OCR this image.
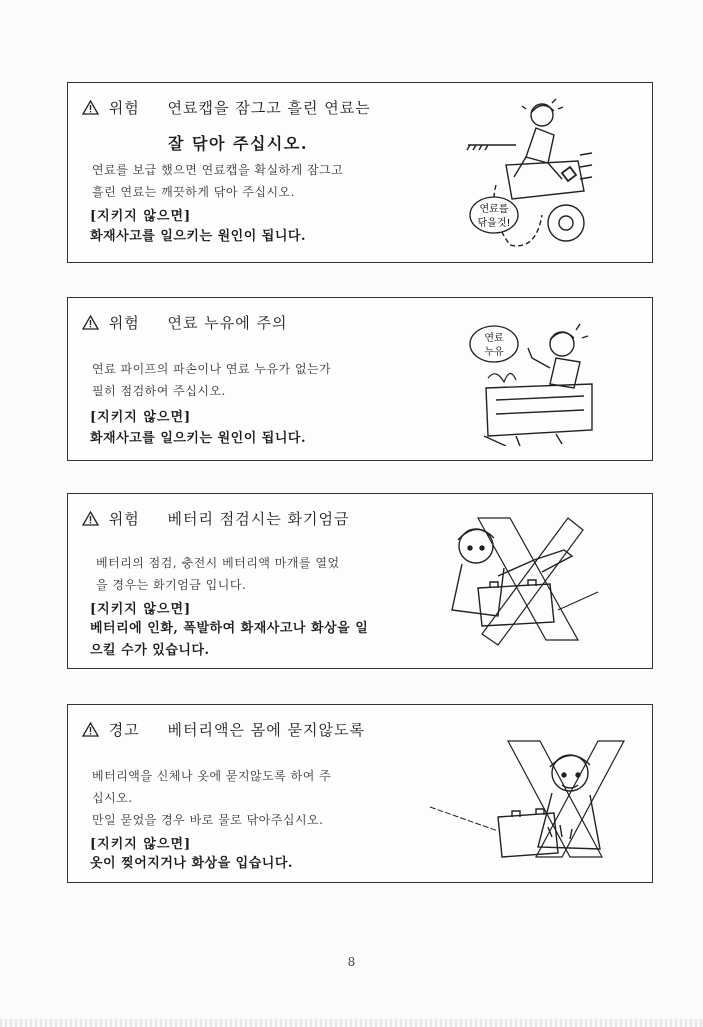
위험 연료캡을 잠그고 흘린 연료는
잘 닦아 주십시오.
연료를 보급 했으면 연료캡을 확실하게 잠그고
흘린 연료는 깨끗하게 닦아 주십시오.
[지키지 않으면]
화재사고를 일으키는 원인이 됩니다.
연료를
닦을것!
위험 연료 누유에 주의
연료 파이프의 파손이나 연료 누유가 없는가
필히 점검하여 주십시오.
[지키지 않으면]
화재사고를 일으키는 원인이 됩니다.
연료
누유
위험 베터리 점검시는 화기엄금
베터리의 점검, 충전시 베터리액 마개를 열었
을 경우는 화기엄금 입니다.
[지키지 않으면]
베터리에 인화, 폭발하여 화재사고나 화상을 일
으킬 수가 있습니다.
경고 베터리액은 몸에 묻지않도록
베터리액을 신체나 옷에 묻지않도록 하여 주
십시오.
만일 묻었을 경우 바로 물로 닦아주십시오.
[지키지 않으면]
옷이 찢어지거나 화상을 입습니다.
8
